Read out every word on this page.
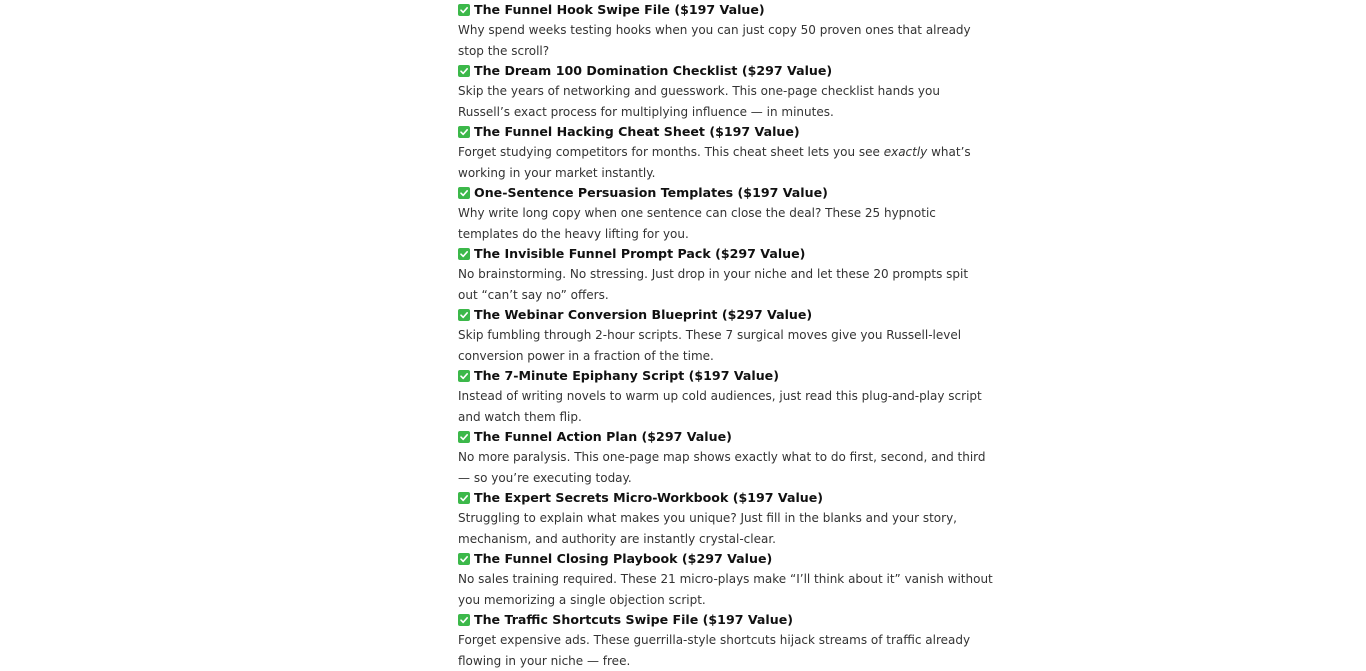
The Funnel Hook Swipe File ($197 Value)
Why spend weeks testing hooks when you can just copy 50 proven ones that already
stop the scroll?
The Dream 100 Domination Checklist ($297 Value)
Skip the years of networking and guesswork. This one-page checklist hands you
Russell’s exact process for multiplying influence — in minutes.
The Funnel Hacking Cheat Sheet ($197 Value)
Forget studying competitors for months. This cheat sheet lets you see exactly what’s
working in your market instantly.
One-Sentence Persuasion Templates ($197 Value)
Why write long copy when one sentence can close the deal? These 25 hypnotic
templates do the heavy lifting for you.
The Invisible Funnel Prompt Pack ($297 Value)
No brainstorming. No stressing. Just drop in your niche and let these 20 prompts spit
out “can’t say no” offers.
The Webinar Conversion Blueprint ($297 Value)
Skip fumbling through 2-hour scripts. These 7 surgical moves give you Russell-level
conversion power in a fraction of the time.
The 7-Minute Epiphany Script ($197 Value)
Instead of writing novels to warm up cold audiences, just read this plug-and-play script
and watch them flip.
The Funnel Action Plan ($297 Value)
No more paralysis. This one-page map shows exactly what to do first, second, and third
— so you’re executing today.
The Expert Secrets Micro-Workbook ($197 Value)
Struggling to explain what makes you unique? Just fill in the blanks and your story,
mechanism, and authority are instantly crystal-clear.
The Funnel Closing Playbook ($297 Value)
No sales training required. These 21 micro-plays make “I’ll think about it” vanish without
you memorizing a single objection script.
The Traffic Shortcuts Swipe File ($197 Value)
Forget expensive ads. These guerrilla-style shortcuts hijack streams of traffic already
flowing in your niche — free.
